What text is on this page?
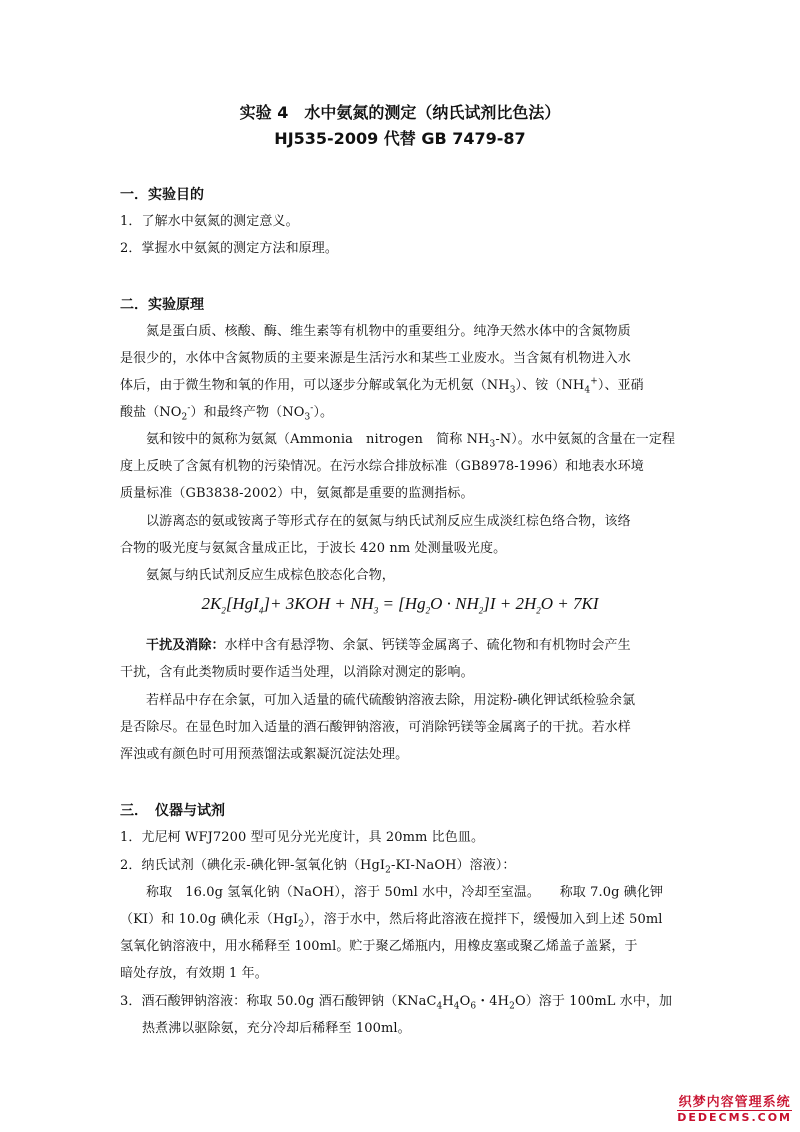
实验 4　水中氨氮的测定（纳氏试剂比色法）
HJ535-2009 代替 GB 7479-87
一．实验目的
1．了解水中氨氮的测定意义。
2．掌握水中氨氮的测定方法和原理。
二．实验原理
氮是蛋白质、核酸、酶、维生素等有机物中的重要组分。纯净天然水体中的含氮物质
是很少的，水体中含氮物质的主要来源是生活污水和某些工业废水。当含氮有机物进入水
体后，由于微生物和氧的作用，可以逐步分解或氧化为无机氨$(NH_3)$、铵$(NH_4^+)$、亚硝
酸盐$(NO_2^-)$和最终产物$(NO_3^-)$。
氨和铵中的氮称为氨氮（Ammonia　nitrogen　简称 $NH_3-N$）。水中氨氮的含量在一定程
度上反映了含氮有机物的污染情况。在污水综合排放标准（GB8978-1996）和地表水环境
质量标准（GB3838-2002）中，氨氮都是重要的监测指标。
以游离态的氨或铵离子等形式存在的氨氮与纳氏试剂反应生成淡红棕色络合物，该络
合物的吸光度与氨氮含量成正比，于波长 420 nm 处测量吸光度。
氨氮与纳氏试剂反应生成棕色胶态化合物，
$2K_2[HgI_4]+ 3KOH + NH_3 = [Hg_2O \cdot NH_2]I + 2H_2O + 7KI$
干扰及消除：水样中含有悬浮物、余氯、钙镁等金属离子、硫化物和有机物时会产生
干扰，含有此类物质时要作适当处理，以消除对测定的影响。
若样品中存在余氯，可加入适量的硫代硫酸钠溶液去除，用淀粉-碘化钾试纸检验余氯
是否除尽。在显色时加入适量的酒石酸钾钠溶液，可消除钙镁等金属离子的干扰。若水样
浑浊或有颜色时可用预蒸馏法或絮凝沉淀法处理。
三．　仪器与试剂
1．尤尼柯 WFJ7200 型可见分光光度计，具 20mm 比色皿。
2．纳氏试剂（碘化汞-碘化钾-氢氧化钠（HgI$_2$-KI-NaOH）溶液）：
称取　16.0g 氢氧化钠（NaOH），溶于 50ml 水中，冷却至室温。　　称取 7.0g 碘化钾
（KI）和 10.0g 碘化汞（HgI$_2$），溶于水中，然后将此溶液在搅拌下，缓慢加入到上述 50ml
氢氧化钠溶液中，用水稀释至 100ml。贮于聚乙烯瓶内，用橡皮塞或聚乙烯盖子盖紧，于
暗处存放，有效期 1 年。
3．酒石酸钾钠溶液：称取 50.0g 酒石酸钾钠（$KNaC_4H_4O_6$・$4H_2O$）溶于 100mL 水中，加
热煮沸以驱除氨，充分冷却后稀释至 100ml。
织梦内容管理系统
DEDECMS.COM
